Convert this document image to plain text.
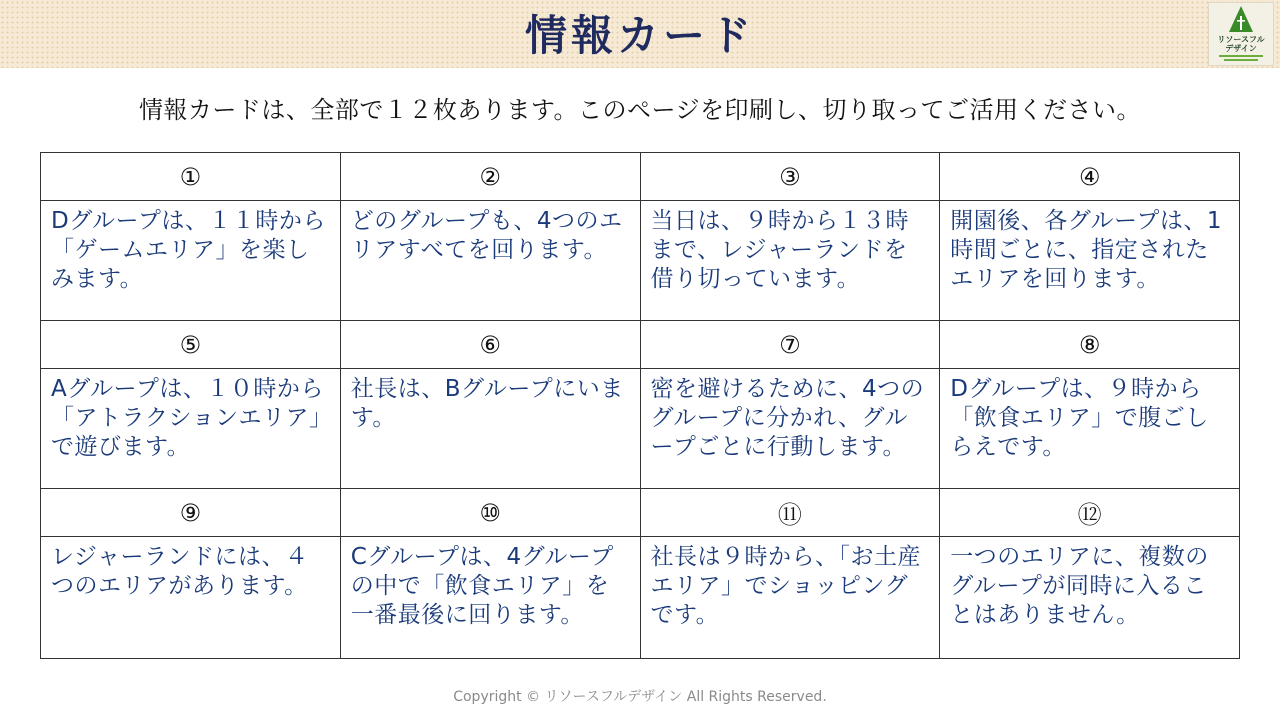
情報カード	リソースフル
デザイン
情報カードは、全部で１２枚あります。このページを印刷し、切り取ってご活用ください。
①	②	③	④
Dグループは、１１時から「ゲームエリア」を楽しみます。	どのグループも、4つのエリアすべてを回ります。	当日は、９時から１３時まで、レジャーランドを借り切っています。	開園後、各グループは、1時間ごとに、指定されたエリアを回ります。
⑤	⑥	⑦	⑧
Aグループは、１０時から「アトラクションエリア」で遊びます。	社長は、Bグループにいます。	密を避けるために、4つのグループに分かれ、グループごとに行動します。	Dグループは、９時から「飲食エリア」で腹ごしらえです。
⑨	⑩	⑪	⑫
レジャーランドには、４つのエリアがあります。	Cグループは、4グループの中で「飲食エリア」を一番最後に回ります。	社長は９時から、「お土産エリア」でショッピングです。	一つのエリアに、複数のグループが同時に入ることはありません。
Copyright © リソースフルデザイン All Rights Reserved.
